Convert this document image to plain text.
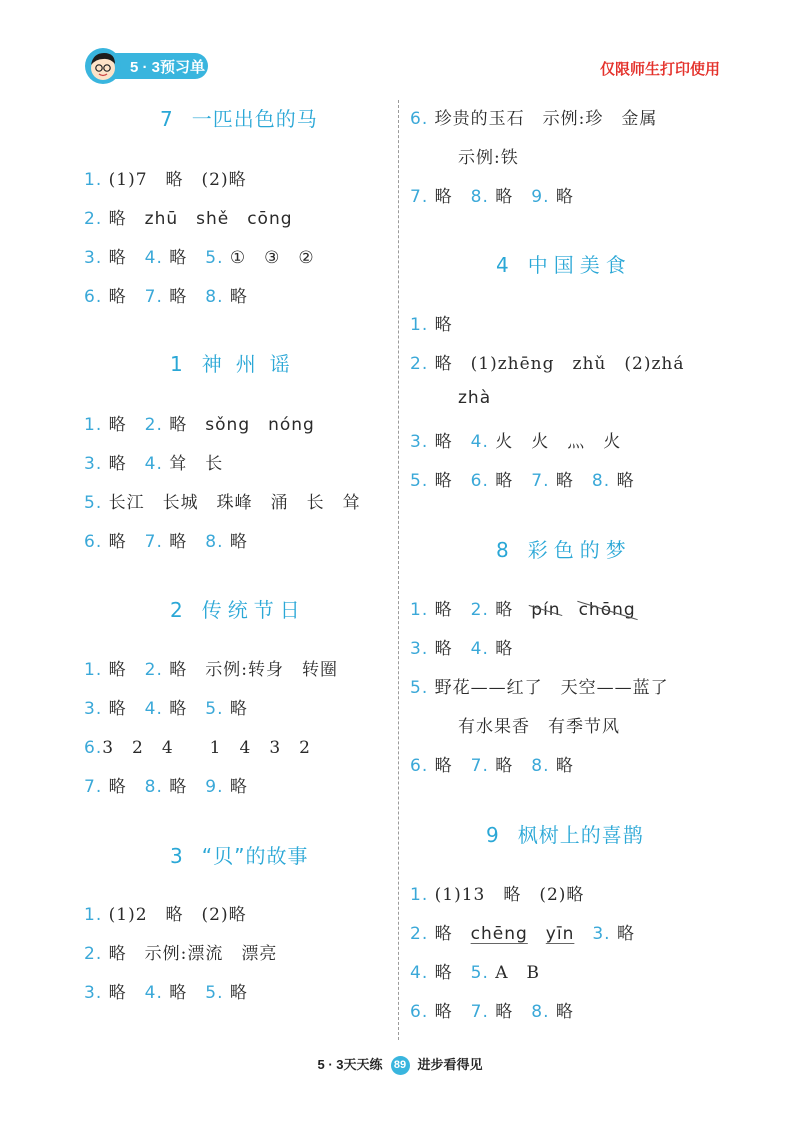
5 · 3预习单	仅限师生打印使用
7 一匹出色的马
1. (1)7　略　(2)略
2. 略　 zhū　shě　cōng
3. 略　 4. 略　 5. ①　③　②
6. 略　 7. 略　 8. 略
1 神州谣
1. 略　 2. 略　 sǒng　nóng
3. 略　 4. 耸　长
5. 长江　长城　珠峰　涌　长　耸
6. 略　 7. 略　 8. 略
2 传统节日
1. 略　 2. 略　 示例:转身　转圈
3. 略　 4. 略　 5. 略
6.3　2　4　　1　4　3　2
7. 略　 8. 略　 9. 略
3 “贝”的故事
1. (1)2　略　(2)略
2. 略　示例:漂流　漂亮
3. 略　 4. 略　 5. 略
6. 珍贵的玉石　示例:珍　金属
示例:铁
7. 略　 8. 略　 9. 略
4 中国美食
1. 略
2. 略　(1)zhēng　zhǔ　(2)zhá
zhà
3. 略　 4. 火　火　灬　火
5. 略　 6. 略　 7. 略　 8. 略
8 彩色的梦
1. 略　 2. 略　 pín　 chōng
3. 略　 4. 略
5. 野花——红了　天空——蓝了
有水果香　有季节风
6. 略　 7. 略　 8. 略
9 枫树上的喜鹊
1. (1)13　略　(2)略
2. 略　 chēng　 yīn　 3. 略
4. 略　 5. A　B
6. 略　 7. 略　 8. 略
5 · 3天天练 89 进步看得见
